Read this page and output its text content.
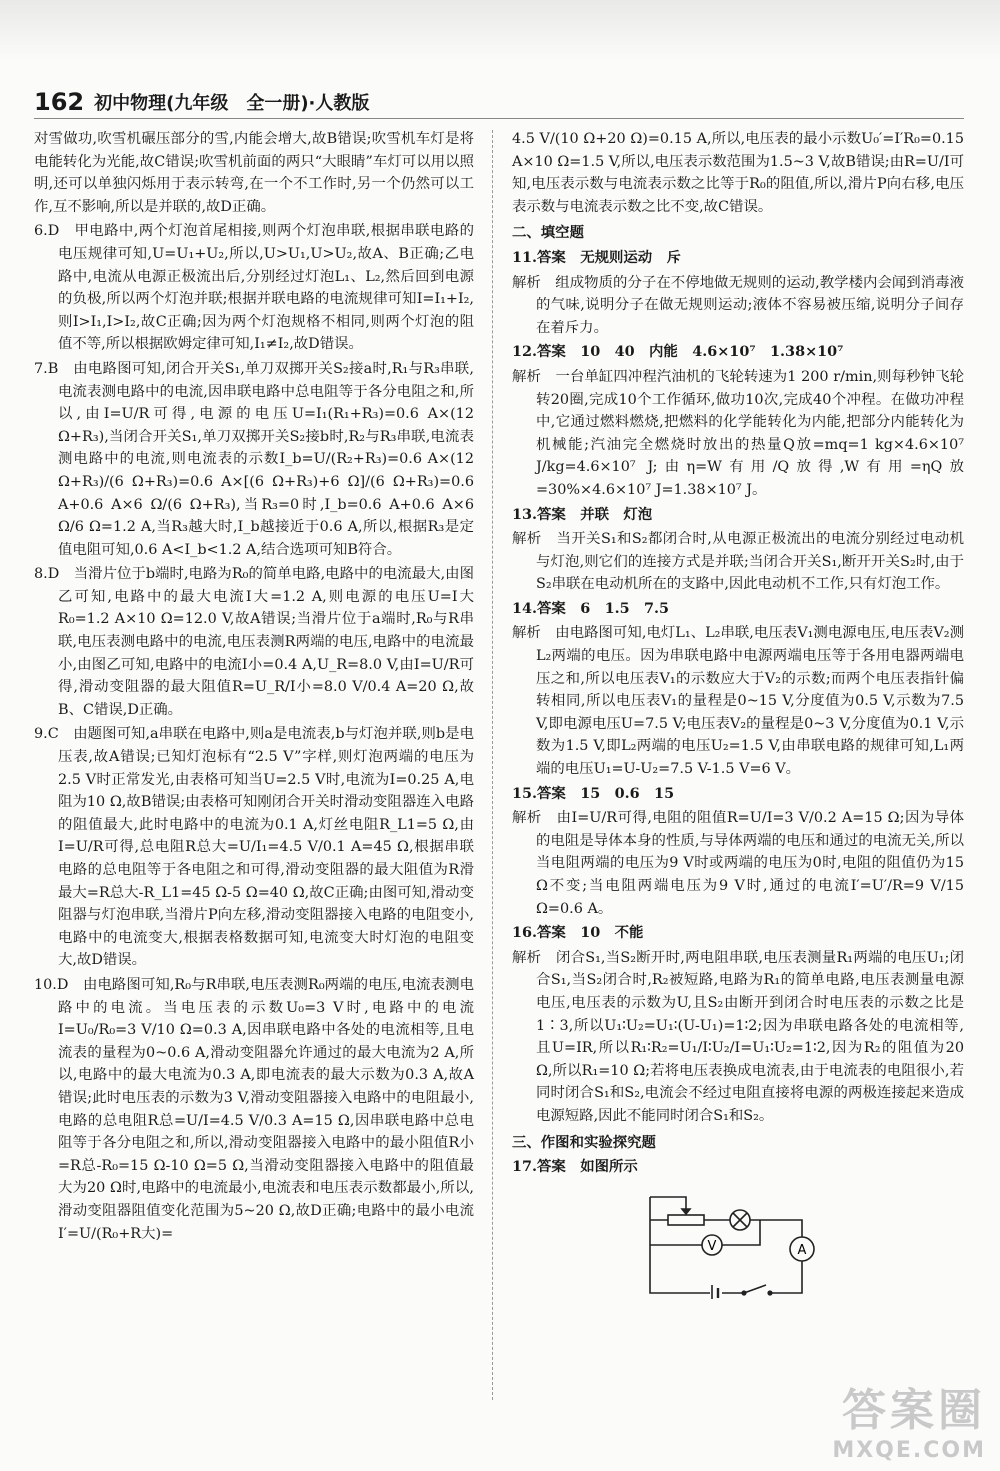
162 初中物理(九年级　全一册)·人教版

对雪做功,吹雪机碾压部分的雪,内能会增大,故B错误;吹雪机车灯是将电能转化为光能,故C错误;吹雪机前面的两只“大眼睛”车灯可以用以照明,还可以单独闪烁用于表示转弯,在一个不工作时,另一个仍然可以工作,互不影响,所以是并联的,故D正确。

6.D　甲电路中,两个灯泡首尾相接,则两个灯泡串联,根据串联电路的电压规律可知,U=U₁+U₂,所以,U>U₁,U>U₂,故A、B正确;乙电路中,电流从电源正极流出后,分别经过灯泡L₁、L₂,然后回到电源的负极,所以两个灯泡并联;根据并联电路的电流规律可知I=I₁+I₂,则I>I₁,I>I₂,故C正确;因为两个灯泡规格不相同,则两个灯泡的阻值不等,所以根据欧姆定律可知,I₁≠I₂,故D错误。

7.B　由电路图可知,闭合开关S₁,单刀双掷开关S₂接a时,R₁与R₃串联,电流表测电路中的电流,因串联电路中总电阻等于各分电阻之和,所以,由I=U/R可得,电源的电压U=I₁(R₁+R₃)=0.6 A×(12 Ω+R₃),当闭合开关S₁,单刀双掷开关S₂接b时,R₂与R₃串联,电流表测电路中的电流,则电流表的示数I_b=U/(R₂+R₃)=0.6 A×(12 Ω+R₃)/(6 Ω+R₃)=0.6 A×[(6 Ω+R₃)+6 Ω]/(6 Ω+R₃)=0.6 A+0.6 A×6 Ω/(6 Ω+R₃),当R₃=0时,I_b=0.6 A+0.6 A×6 Ω/6 Ω=1.2 A,当R₃越大时,I_b越接近于0.6 A,所以,根据R₃是定值电阻可知,0.6 A<I_b<1.2 A,结合选项可知B符合。

8.D　当滑片位于b端时,电路为R₀的简单电路,电路中的电流最大,由图乙可知,电路中的最大电流I大=1.2 A,则电源的电压U=I大R₀=1.2 A×10 Ω=12.0 V,故A错误;当滑片位于a端时,R₀与R串联,电压表测电路中的电流,电压表测R两端的电压,电路中的电流最小,由图乙可知,电路中的电流I小=0.4 A,U_R=8.0 V,由I=U/R可得,滑动变阻器的最大阻值R=U_R/I小=8.0 V/0.4 A=20 Ω,故B、C错误,D正确。

9.C　由题图可知,a串联在电路中,则a是电流表,b与灯泡并联,则b是电压表,故A错误;已知灯泡标有“2.5 V”字样,则灯泡两端的电压为2.5 V时正常发光,由表格可知当U=2.5 V时,电流为I=0.25 A,电阻为10 Ω,故B错误;由表格可知刚闭合开关时滑动变阻器连入电路的阻值最大,此时电路中的电流为0.1 A,灯丝电阻R_L1=5 Ω,由I=U/R可得,总电阻R总大=U/I₁=4.5 V/0.1 A=45 Ω,根据串联电路的总电阻等于各电阻之和可得,滑动变阻器的最大阻值为R滑最大=R总大-R_L1=45 Ω-5 Ω=40 Ω,故C正确;由图可知,滑动变阻器与灯泡串联,当滑片P向左移,滑动变阻器接入电路的电阻变小,电路中的电流变大,根据表格数据可知,电流变大时灯泡的电阻变大,故D错误。

10.D　由电路图可知,R₀与R串联,电压表测R₀两端的电压,电流表测电路中的电流。当电压表的示数U₀=3 V时,电路中的电流I=U₀/R₀=3 V/10 Ω=0.3 A,因串联电路中各处的电流相等,且电流表的量程为0~0.6 A,滑动变阻器允许通过的最大电流为2 A,所以,电路中的最大电流为0.3 A,即电流表的最大示数为0.3 A,故A错误;此时电压表的示数为3 V,滑动变阻器接入电路中的电阻最小,电路的总电阻R总=U/I=4.5 V/0.3 A=15 Ω,因串联电路中总电阻等于各分电阻之和,所以,滑动变阻器接入电路中的最小阻值R小=R总-R₀=15 Ω-10 Ω=5 Ω,当滑动变阻器接入电路中的阻值最大为20 Ω时,电路中的电流最小,电流表和电压表示数都最小,所以,滑动变阻器阻值变化范围为5~20 Ω,故D正确;电路中的最小电流I′=U/(R₀+R大)=

4.5 V/(10 Ω+20 Ω)=0.15 A,所以,电压表的最小示数U₀′=I′R₀=0.15 A×10 Ω=1.5 V,所以,电压表示数范围为1.5~3 V,故B错误;由R=U/I可知,电压表示数与电流表示数之比等于R₀的阻值,所以,滑片P向右移,电压表示数与电流表示数之比不变,故C错误。

二、填空题

11.答案　无规则运动　斥

解析　组成物质的分子在不停地做无规则的运动,教学楼内会闻到消毒液的气味,说明分子在做无规则运动;液体不容易被压缩,说明分子间存在着斥力。

12.答案　10　40　内能　4.6×10⁷　1.38×10⁷

解析　一台单缸四冲程汽油机的飞轮转速为1 200 r/min,则每秒钟飞轮转20圈,完成10个工作循环,做功10次,完成40个冲程。在做功冲程中,它通过燃料燃烧,把燃料的化学能转化为内能,把部分内能转化为机械能;汽油完全燃烧时放出的热量Q放=mq=1 kg×4.6×10⁷ J/kg=4.6×10⁷ J;由η=W有用/Q放得,W有用=ηQ放=30%×4.6×10⁷ J=1.38×10⁷ J。

13.答案　并联　灯泡

解析　当开关S₁和S₂都闭合时,从电源正极流出的电流分别经过电动机与灯泡,则它们的连接方式是并联;当闭合开关S₁,断开开关S₂时,由于S₂串联在电动机所在的支路中,因此电动机不工作,只有灯泡工作。

14.答案　6　1.5　7.5

解析　由电路图可知,电灯L₁、L₂串联,电压表V₁测电源电压,电压表V₂测L₂两端的电压。因为串联电路中电源两端电压等于各用电器两端电压之和,所以电压表V₁的示数应大于V₂的示数;而两个电压表指针偏转相同,所以电压表V₁的量程是0~15 V,分度值为0.5 V,示数为7.5 V,即电源电压U=7.5 V;电压表V₂的量程是0~3 V,分度值为0.1 V,示数为1.5 V,即L₂两端的电压U₂=1.5 V,由串联电路的规律可知,L₁两端的电压U₁=U-U₂=7.5 V-1.5 V=6 V。

15.答案　15　0.6　15

解析　由I=U/R可得,电阻的阻值R=U/I=3 V/0.2 A=15 Ω;因为导体的电阻是导体本身的性质,与导体两端的电压和通过的电流无关,所以当电阻两端的电压为9 V时或两端的电压为0时,电阻的阻值仍为15 Ω不变;当电阻两端电压为9 V时,通过的电流I′=U′/R=9 V/15 Ω=0.6 A。

16.答案　10　不能

解析　闭合S₁,当S₂断开时,两电阻串联,电压表测量R₁两端的电压U₁;闭合S₁,当S₂闭合时,R₂被短路,电路为R₁的简单电路,电压表测量电源电压,电压表的示数为U,且S₂由断开到闭合时电压表的示数之比是1∶3,所以U₁∶U₂=U₁∶(U-U₁)=1∶2;因为串联电路各处的电流相等,且U=IR,所以R₁∶R₂=U₁/I∶U₂/I=U₁∶U₂=1∶2,因为R₂的阻值为20 Ω,所以R₁=10 Ω;若将电压表换成电流表,由于电流表的电阻很小,若同时闭合S₁和S₂,电流会不经过电阻直接将电源的两极连接起来造成电源短路,因此不能同时闭合S₁和S₂。

三、作图和实验探究题

17.答案　如图所示

V	A
答案圈
MXQE.COM
